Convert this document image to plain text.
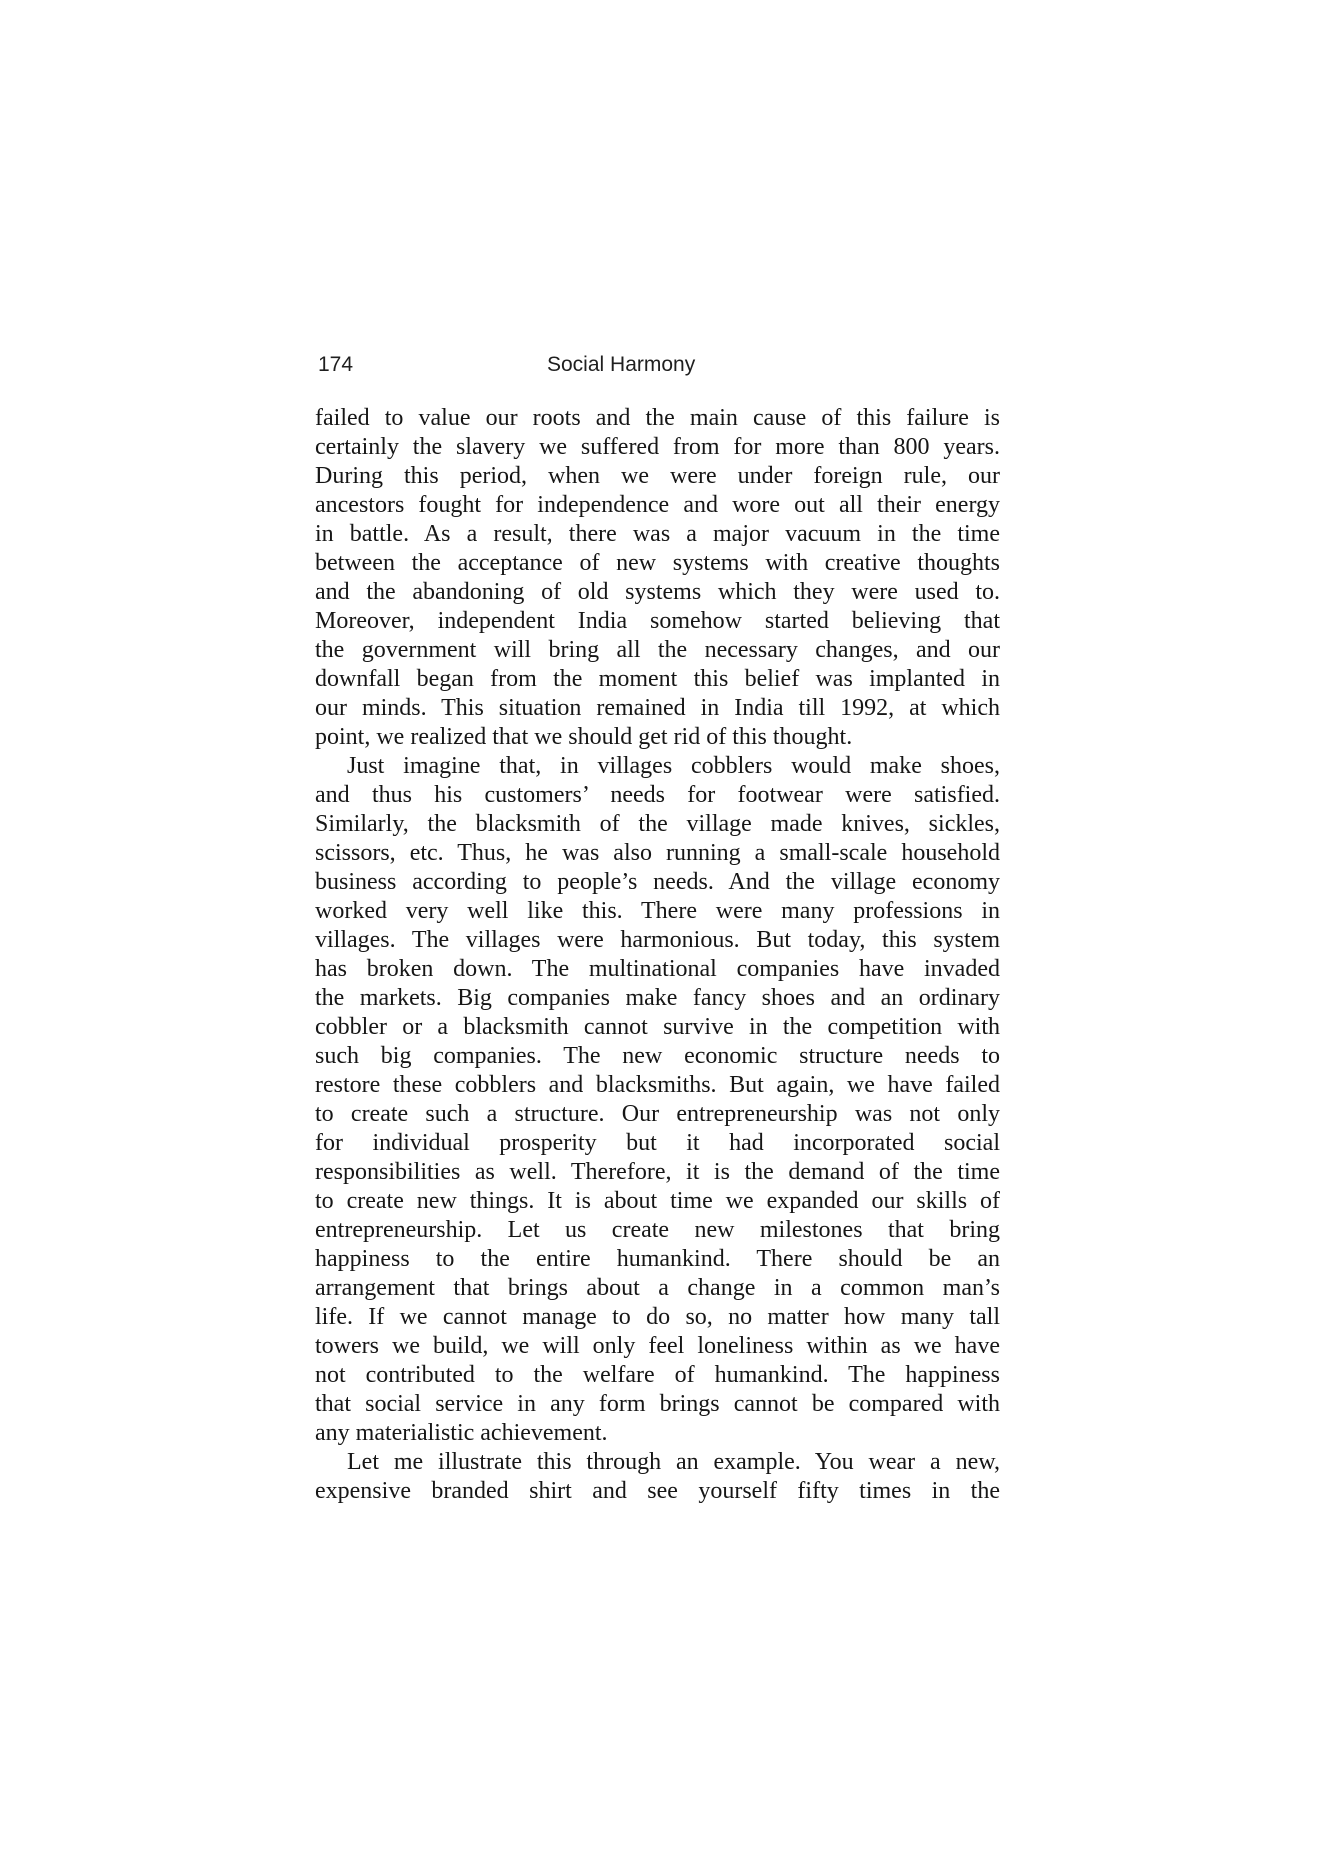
174	Social Harmony
failed to value our roots and the main cause of this failure is
certainly the slavery we suffered from for more than 800 years.
During this period, when we were under foreign rule, our
ancestors fought for independence and wore out all their energy
in battle. As a result, there was a major vacuum in the time
between the acceptance of new systems with creative thoughts
and the abandoning of old systems which they were used to.
Moreover, independent India somehow started believing that
the government will bring all the necessary changes, and our
downfall began from the moment this belief was implanted in
our minds. This situation remained in India till 1992, at which
point, we realized that we should get rid of this thought.
Just imagine that, in villages cobblers would make shoes,
and thus his customers’ needs for footwear were satisfied.
Similarly, the blacksmith of the village made knives, sickles,
scissors, etc. Thus, he was also running a small-scale household
business according to people’s needs. And the village economy
worked very well like this. There were many professions in
villages. The villages were harmonious. But today, this system
has broken down. The multinational companies have invaded
the markets. Big companies make fancy shoes and an ordinary
cobbler or a blacksmith cannot survive in the competition with
such big companies. The new economic structure needs to
restore these cobblers and blacksmiths. But again, we have failed
to create such a structure. Our entrepreneurship was not only
for individual prosperity but it had incorporated social
responsibilities as well. Therefore, it is the demand of the time
to create new things. It is about time we expanded our skills of
entrepreneurship. Let us create new milestones that bring
happiness to the entire humankind. There should be an
arrangement that brings about a change in a common man’s
life. If we cannot manage to do so, no matter how many tall
towers we build, we will only feel loneliness within as we have
not contributed to the welfare of humankind. The happiness
that social service in any form brings cannot be compared with
any materialistic achievement.
Let me illustrate this through an example. You wear a new,
expensive branded shirt and see yourself fifty times in the
